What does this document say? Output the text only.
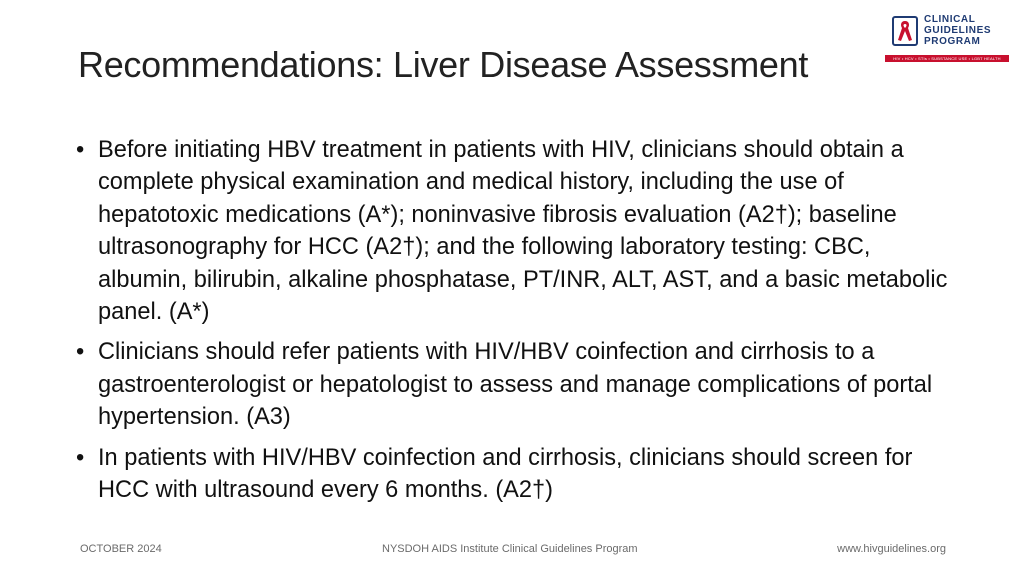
Recommendations: Liver Disease Assessment
CLINICAL
GUIDELINES
PROGRAM
HIV • HCV • STIs • SUBSTANCE USE • LGBT HEALTH
• Before initiating HBV treatment in patients with HIV, clinicians should obtain a complete physical examination and medical history, including the use of hepatotoxic medications (A*); noninvasive fibrosis evaluation (A2†); baseline ultrasonography for HCC (A2†); and the following laboratory testing: CBC, albumin, bilirubin, alkaline phosphatase, PT/INR, ALT, AST, and a basic metabolic panel. (A*)
• Clinicians should refer patients with HIV/HBV coinfection and cirrhosis to a gastroenterologist or hepatologist to assess and manage complications of portal hypertension. (A3)
• In patients with HIV/HBV coinfection and cirrhosis, clinicians should screen for HCC with ultrasound every 6 months. (A2†)
OCTOBER 2024	NYSDOH AIDS Institute Clinical Guidelines Program	www.hivguidelines.org
